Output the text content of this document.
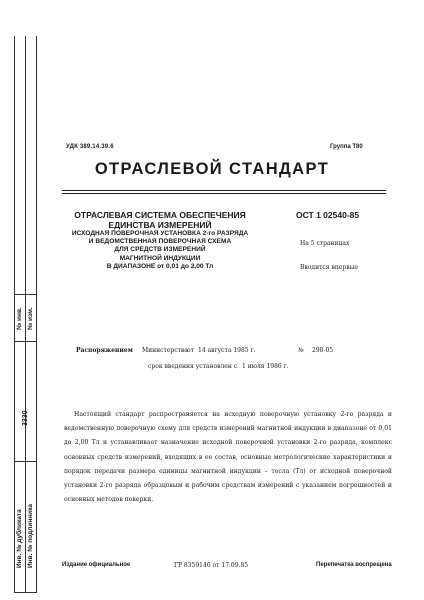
№ инв. № изм.
3330
Инв. № дубликата Инв. № подлинника
УДК 389.14.39.6	Группа Т80
ОТРАСЛЕВОЙ СТАНДАРТ
ОТРАСЛЕВАЯ СИСТЕМА ОБЕСПЕЧЕНИЯ
ЕДИНСТВА ИЗМЕРЕНИЙ
ИСХОДНАЯ ПОВЕРОЧНАЯ УСТАНОВКА 2-го РАЗРЯДА
И ВЕДОМСТВЕННАЯ ПОВЕРОЧНАЯ СХЕМА
ДЛЯ СРЕДСТВ ИЗМЕРЕНИЙ
МАГНИТНОЙ ИНДУКЦИИ
В ДИАПАЗОНЕ от 0,01 до 2,00 Тл
ОСТ 1 02540-85
На 5 страницах
Вводится впервые
Распоряжением Министерства от 14 августа 1985 г.	№ 298-05
срок введения установлен с 1 июля 1986 г.
Настоящий стандарт распространяется на исходную поверочную установку 2-го разряда и ведомственную поверочную схему для средств измерений магнитной индукции в диапазоне от 0,01 до 2,00 Тл и устанавливает назначение исходной поверочной установки 2-го разряда, комплекс основных средств измерений, входящих в ее состав, основные метрологические характеристики и порядок передачи размера единицы магнитной индукции – тесла (Тл) от исходной поверочной установки 2-го разряда образцовым и рабочим средствам измерений с указанием погрешностей и основных методов поверки.
Издание официальное	ГР 8359146 от 17.09.85	Перепечатка воспрещена
